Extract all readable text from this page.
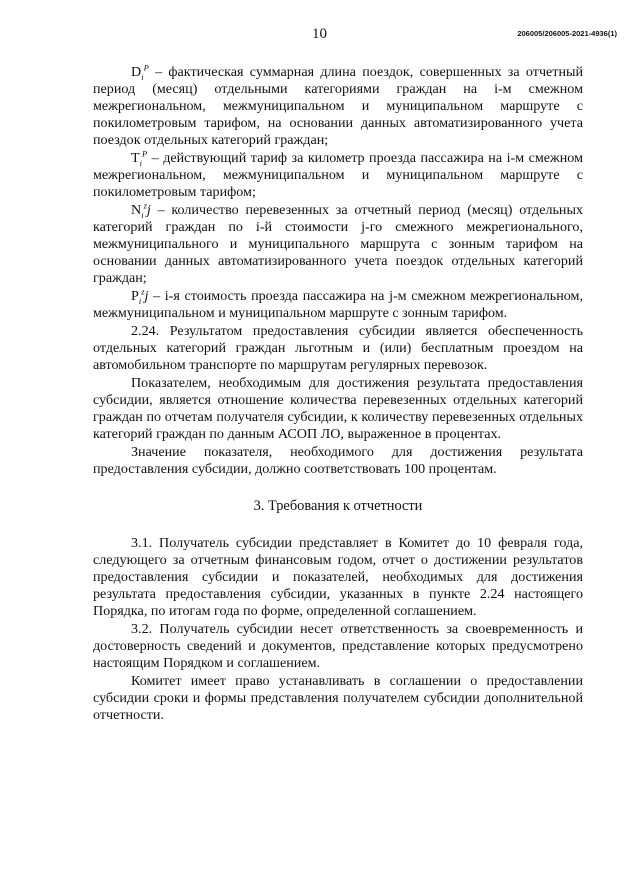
10	206005/206005-2021-4936(1)

$D_i^P$ – фактическая суммарная длина поездок, совершенных за отчетный период (месяц) отдельными категориями граждан на i-м смежном межрегиональном, межмуниципальном и муниципальном маршруте с покилометровым тарифом, на основании данных автоматизированного учета поездок отдельных категорий граждан;

$T_i^P$ – действующий тариф за километр проезда пассажира на i-м смежном межрегиональном, межмуниципальном и муниципальном маршруте с покилометровым тарифом;

$N_i^zj$ – количество перевезенных за отчетный период (месяц) отдельных категорий граждан по i-й стоимости j-го смежного межрегионального, межмуниципального и муниципального маршрута с зонным тарифом на основании данных автоматизированного учета поездок отдельных категорий граждан;

$P_i^zj - i-я$ стоимость проезда пассажира на j-м смежном межрегиональном, межмуниципальном и муниципальном маршруте с зонным тарифом.

2.24. Результатом предоставления субсидии является обеспеченность отдельных категорий граждан льготным и (или) бесплатным проездом на автомобильном транспорте по маршрутам регулярных перевозок.

Показателем, необходимым для достижения результата предоставления субсидии, является отношение количества перевезенных отдельных категорий граждан по отчетам получателя субсидии, к количеству перевезенных отдельных категорий граждан по данным АСОП ЛО, выраженное в процентах.

Значение показателя, необходимого для достижения результата предоставления субсидии, должно соответствовать 100 процентам.

3. Требования к отчетности

3.1. Получатель субсидии представляет в Комитет до 10 февраля года, следующего за отчетным финансовым годом, отчет о достижении результатов предоставления субсидии и показателей, необходимых для достижения результата предоставления субсидии, указанных в пункте 2.24 настоящего Порядка, по итогам года по форме, определенной соглашением.

3.2. Получатель субсидии несет ответственность за своевременность и достоверность сведений и документов, представление которых предусмотрено настоящим Порядком и соглашением.

Комитет имеет право устанавливать в соглашении о предоставлении субсидии сроки и формы представления получателем субсидии дополнительной отчетности.
